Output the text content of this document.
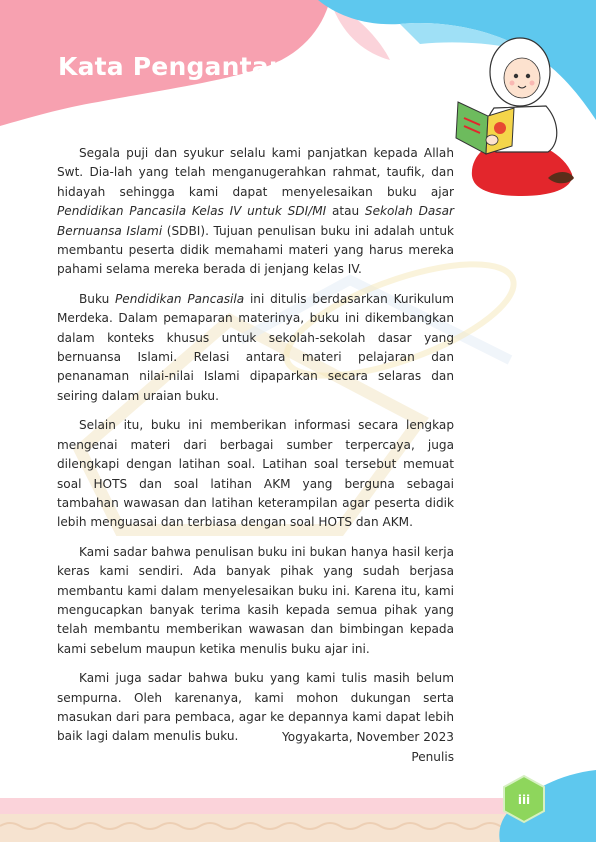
Kata Pengantar

Segala puji dan syukur selalu kami panjatkan kepada Allah Swt. Dia-lah yang telah menganugerahkan rahmat, taufik, dan hidayah sehingga kami dapat menyelesaikan buku ajar Pendidikan Pancasila Kelas IV untuk SDI/MI atau Sekolah Dasar Bernuansa Islami (SDBI). Tujuan penulisan buku ini adalah untuk membantu peserta didik memahami materi yang harus mereka pahami selama mereka berada di jenjang kelas IV.

Buku Pendidikan Pancasila ini ditulis berdasarkan Kurikulum Merdeka. Dalam pemaparan materinya, buku ini dikembangkan dalam konteks khusus untuk sekolah-sekolah dasar yang bernuansa Islami. Relasi antara materi pelajaran dan penanaman nilai-nilai Islami dipaparkan secara selaras dan seiring dalam uraian buku.

Selain itu, buku ini memberikan informasi secara lengkap mengenai materi dari berbagai sumber terpercaya, juga dilengkapi dengan latihan soal. Latihan soal tersebut memuat soal HOTS dan soal latihan AKM yang berguna sebagai tambahan wawasan dan latihan keterampilan agar peserta didik lebih menguasai dan terbiasa dengan soal HOTS dan AKM.

Kami sadar bahwa penulisan buku ini bukan hanya hasil kerja keras kami sendiri. Ada banyak pihak yang sudah berjasa membantu kami dalam menyelesaikan buku ini. Karena itu, kami mengucapkan banyak terima kasih kepada semua pihak yang telah membantu memberikan wawasan dan bimbingan kepada kami sebelum maupun ketika menulis buku ajar ini.

Kami juga sadar bahwa buku yang kami tulis masih belum sempurna. Oleh karenanya, kami mohon dukungan serta masukan dari para pembaca, agar ke depannya kami dapat lebih baik lagi dalam menulis buku.	Yogyakarta, November 2023
Penulis
iii
